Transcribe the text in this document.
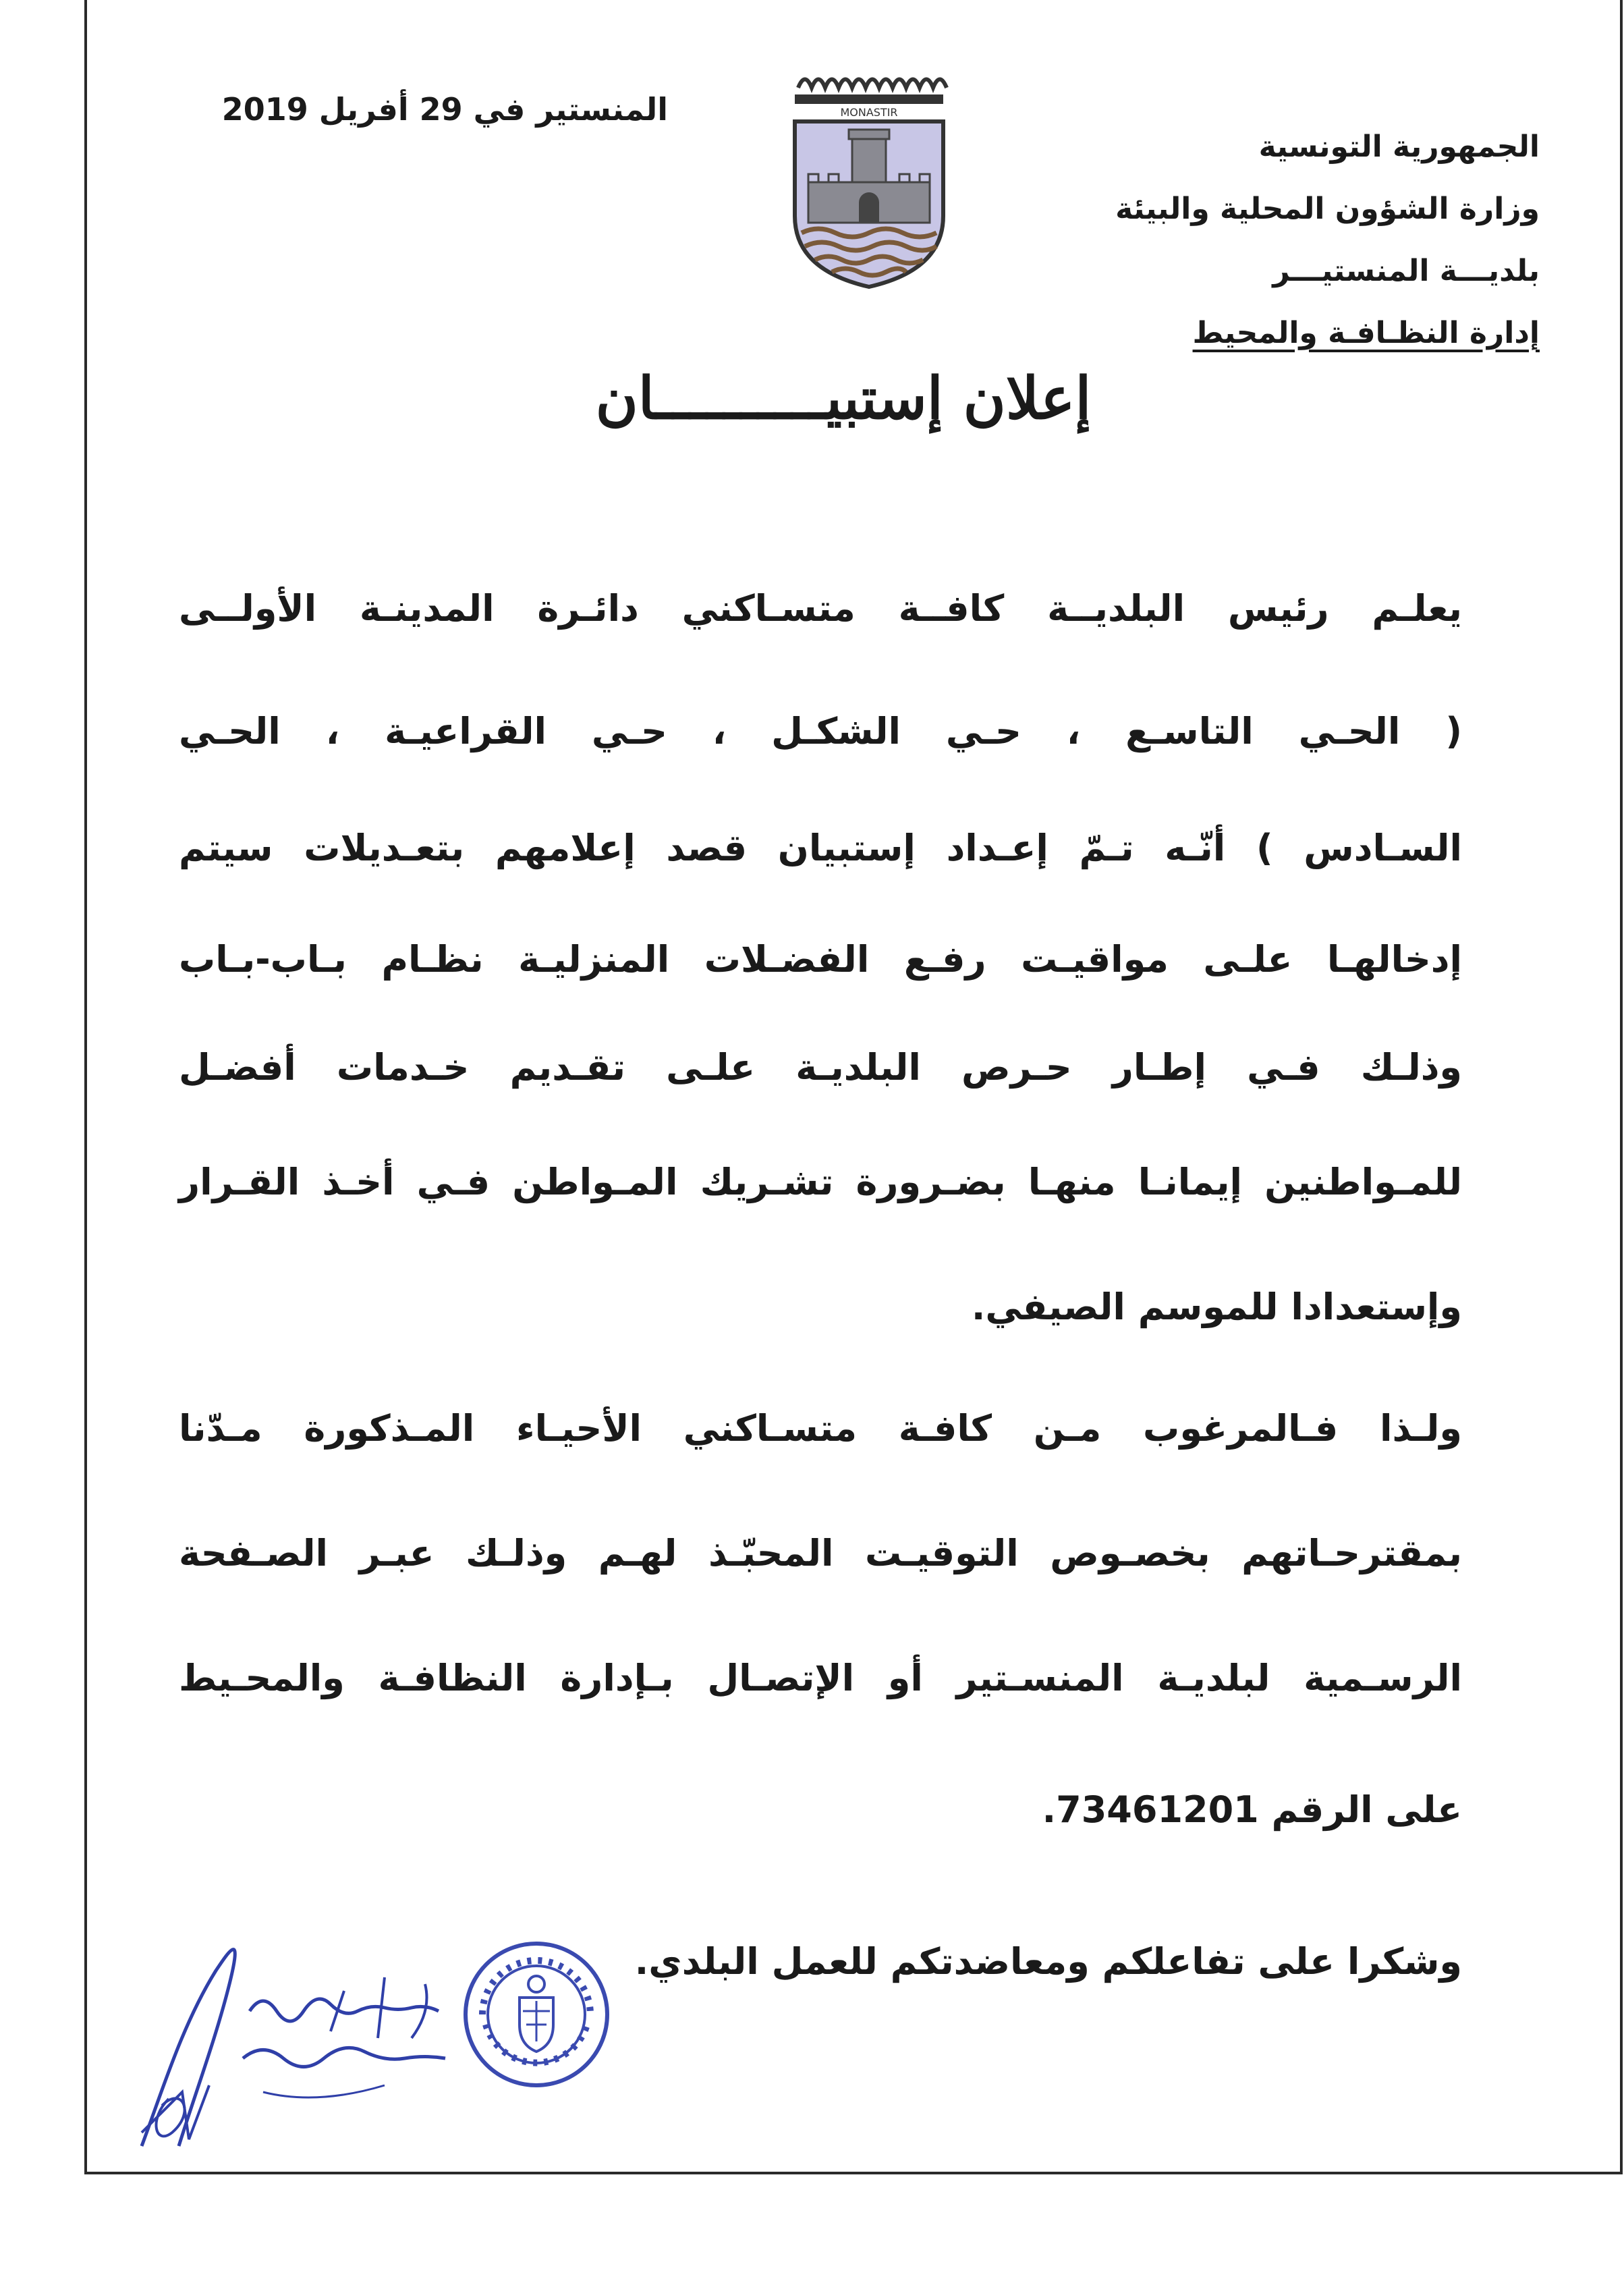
الجمهورية التونسية
وزارة الشؤون المحلية والبيئة
بلديـــة المنستيـــر
إدارة النظـافـة والمحيط
المنستير في 29 أفريل 2019	MONASTIR
إعلان إستبيــــــــــان
يعلـم رئيس البلديــة كافــة متسـاكني دائـرة المدينـة الأولــى
( الحـي التاسـع ، حـي الشكـل ، حـي القراعيـة ، الحـي
السـادس ) أنّـه تـمّ إعـداد إستبيان قصد إعلامهم بتعـديلات سيتم
إدخالهـا علـى مواقيـت رفـع الفضـلات المنزليـة نظـام بـاب-بـاب
وذلـك فـي إطـار حـرص البلديـة علـى تقـديم خـدمات أفضـل
للمـواطنين إيمانـا منهـا بضـرورة تشـريك المـواطن فـي أخـذ القـرار
وإستعدادا للموسم الصيفي.
ولـذا فـالمرغوب مـن كافـة متسـاكني الأحيـاء المـذكورة مـدّنا
بمقترحـاتهم بخصـوص التوقيـت المحبّـذ لهـم وذلـك عبـر الصـفحة
الرسـمية لبلديـة المنسـتير أو الإتصـال بـإدارة النظافـة والمحـيط
على الرقم 73461201.
وشكرا على تفاعلكم ومعاضدتكم للعمل البلدي.
